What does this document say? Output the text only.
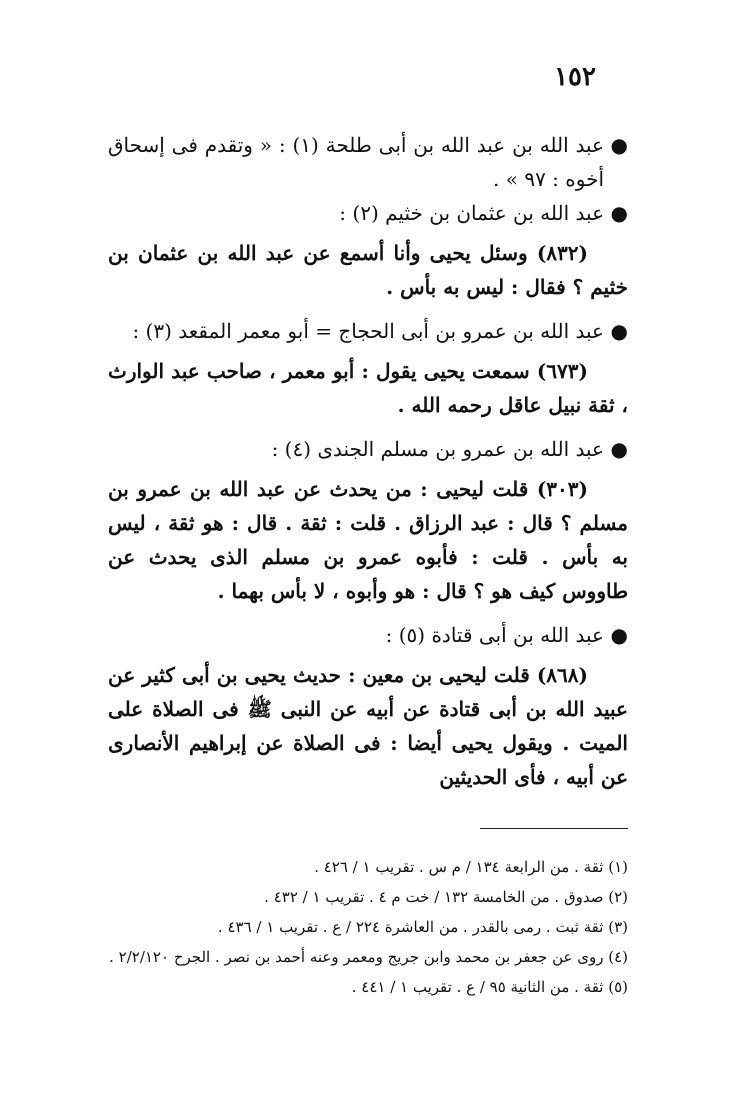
١٥٢

●
عبد الله بن عبد الله بن أبى طلحة (١) : « وتقدم فى إسحاق أخوه : ٩٧ » .

●
عبد الله بن عثمان بن خثيم (٢) :

(٨٣٢) وسئل يحيى وأنا أسمع عن عبد الله بن عثمان بن خثيم ؟ فقال : ليس به بأس .

●
عبد الله بن عمرو بن أبى الحجاج = أبو معمر المقعد (٣) :

(٦٧٣) سمعت يحيى يقول : أبو معمر ، صاحب عبد الوارث ، ثقة نبيل عاقل رحمه الله .

●
عبد الله بن عمرو بن مسلم الجندى (٤) :

(٣٠٣) قلت ليحيى : من يحدث عن عبد الله بن عمرو بن مسلم ؟ قال : عبد الرزاق . قلت : ثقة . قال : هو ثقة ، ليس به بأس . قلت : فأبوه عمرو بن مسلم الذى يحدث عن طاووس كيف هو ؟ قال : هو وأبوه ، لا بأس بهما .

●
عبد الله بن أبى قتادة (٥) :

(٨٦٨) قلت ليحيى بن معين : حديث يحيى بن أبى كثير عن عبيد الله بن أبى قتادة عن أبيه عن النبى ﷺ فى الصلاة على الميت . ويقول يحيى أيضا : فى الصلاة عن إبراهيم الأنصارى عن أبيه ، فأى الحديثين

(١) ثقة . من الرابعة ١٣٤ / م س . تقريب ١ / ٤٢٦ .

(٢) صدوق . من الخامسة ١٣٢ / خت م ٤ . تقريب ١ / ٤٣٢ .

(٣) ثقة ثبت . رمى بالقدر . من العاشرة ٢٢٤ / ع . تقريب ١ / ٤٣٦ .

(٤) روى عن جعفر بن محمد وابن جريج ومعمر وعنه أحمد بن نصر . الجرح ٢/٢/١٢٠ .

(٥) ثقة . من الثانية ٩٥ / ع . تقريب ١ / ٤٤١ .
